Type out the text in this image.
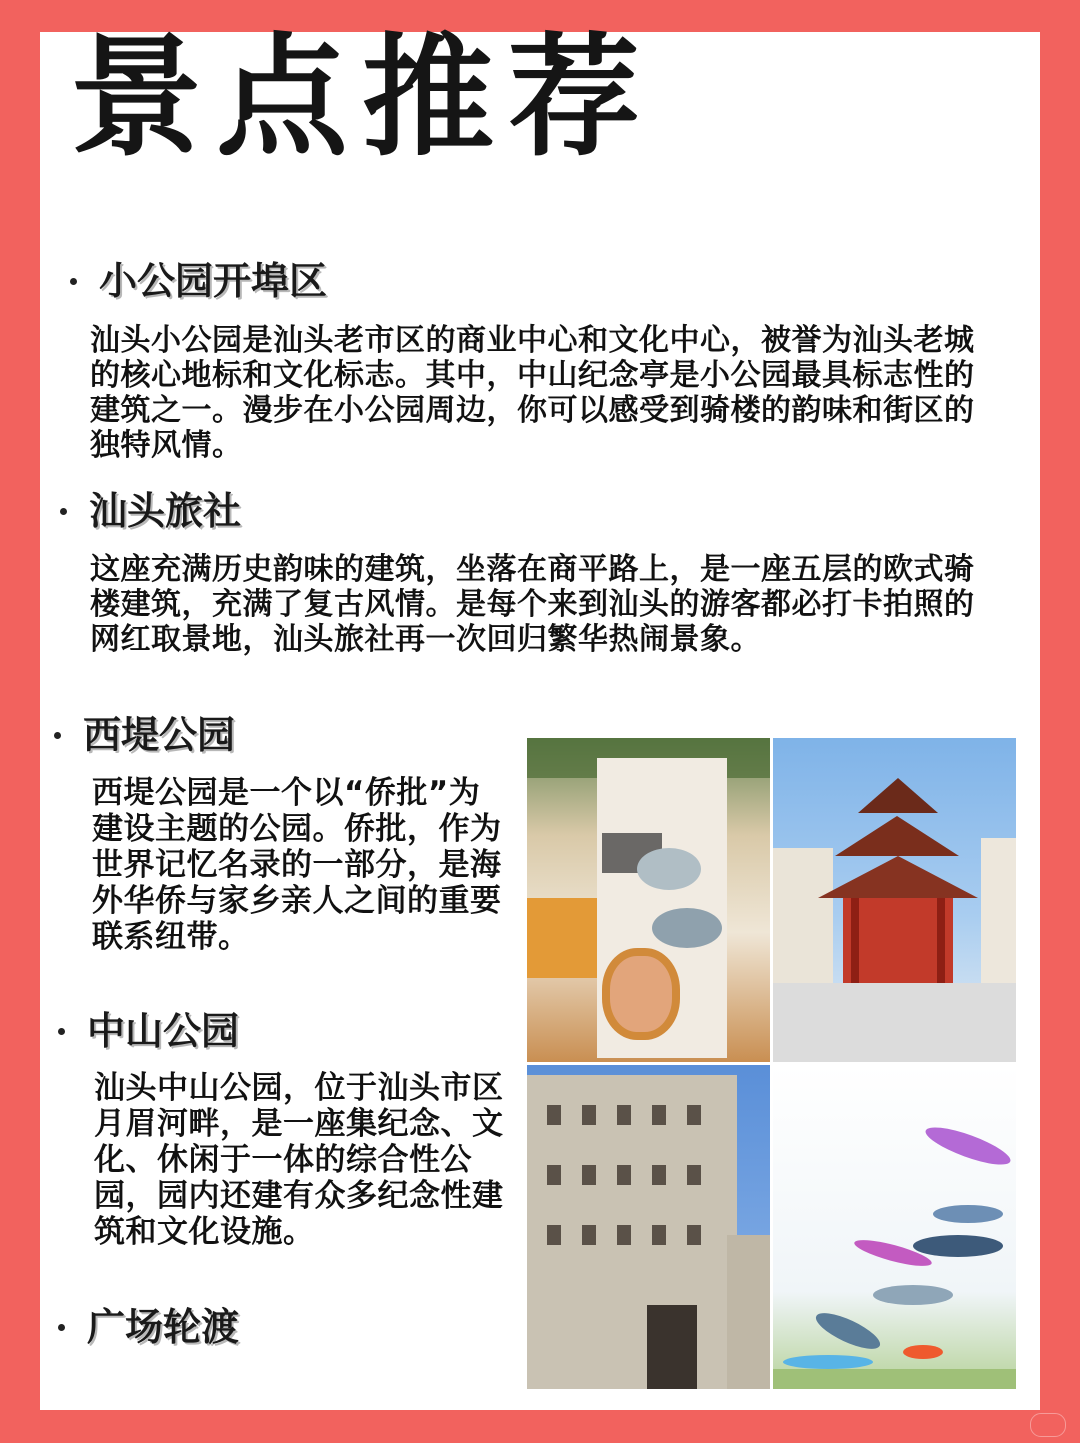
景点推荐
小公园开埠区

汕头小公园是汕头老市区的商业中心和文化中心，被誉为汕头老城的核心地标和文化标志。其中，中山纪念亭是小公园最具标志性的建筑之一。漫步在小公园周边，你可以感受到骑楼的韵味和街区的独特风情。

汕头旅社

这座充满历史韵味的建筑，坐落在商平路上，是一座五层的欧式骑楼建筑，充满了复古风情。是每个来到汕头的游客都必打卡拍照的网红取景地，汕头旅社再一次回归繁华热闹景象。

西堤公园

西堤公园是一个以“侨批”为建设主题的公园。侨批，作为世界记忆名录的一部分，是海外华侨与家乡亲人之间的重要联系纽带。

中山公园

汕头中山公园，位于汕头市区月眉河畔，是一座集纪念、文化、休闲于一体的综合性公园，园内还建有众多纪念性建筑和文化设施。

广场轮渡
